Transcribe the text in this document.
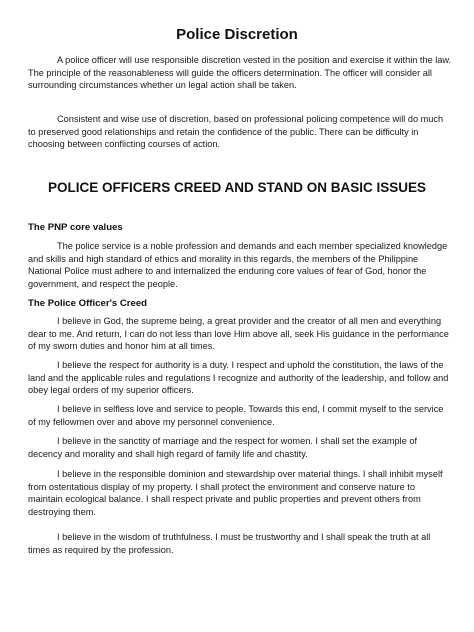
Police Discretion
A police officer will use responsible discretion vested in the position and exercise it within the law. The principle of the reasonableness will guide the officers determination. The officer will consider all surrounding circumstances whether un legal action shall be taken.
Consistent and wise use of discretion, based on professional policing competence will do much to preserved good relationships and retain the confidence of the public. There can be difficulty in choosing between conflicting courses of action.
POLICE OFFICERS CREED AND STAND ON BASIC ISSUES
The PNP core values
The police service is a noble profession and demands and each member specialized knowledge and skills and high standard of ethics and morality in this regards, the members of the Philippine National Police must adhere to and internalized the enduring core values of fear of God, honor the government, and respect the people.
The Police Officer's Creed
I believe in God, the supreme being, a great provider and the creator of all men and everything dear to me. And return, I can do not less than love Him above all, seek His guidance in the performance of my sworn duties and honor him at all times.
I believe the respect for authority is a duty. I respect and uphold the constitution, the laws of the land and the applicable rules and regulations I recognize and authority of the leadership, and follow and obey legal orders of my superior officers.
I believe in selfless love and service to people. Towards this end, I commit myself to the service of my fellowmen over and above my personnel convenience.
I believe in the sanctity of marriage and the respect for women. I shall set the example of decency and morality and shall high regard of family life and chastity.
I believe in the responsible dominion and stewardship over material things. I shall inhibit myself from ostentatious display of my property. I shall protect the environment and conserve nature to maintain ecological balance. I shall respect private and public properties and prevent others from destroying them.
I believe in the wisdom of truthfulness. I must be trustworthy and I shall speak the truth at all times as required by the profession.
